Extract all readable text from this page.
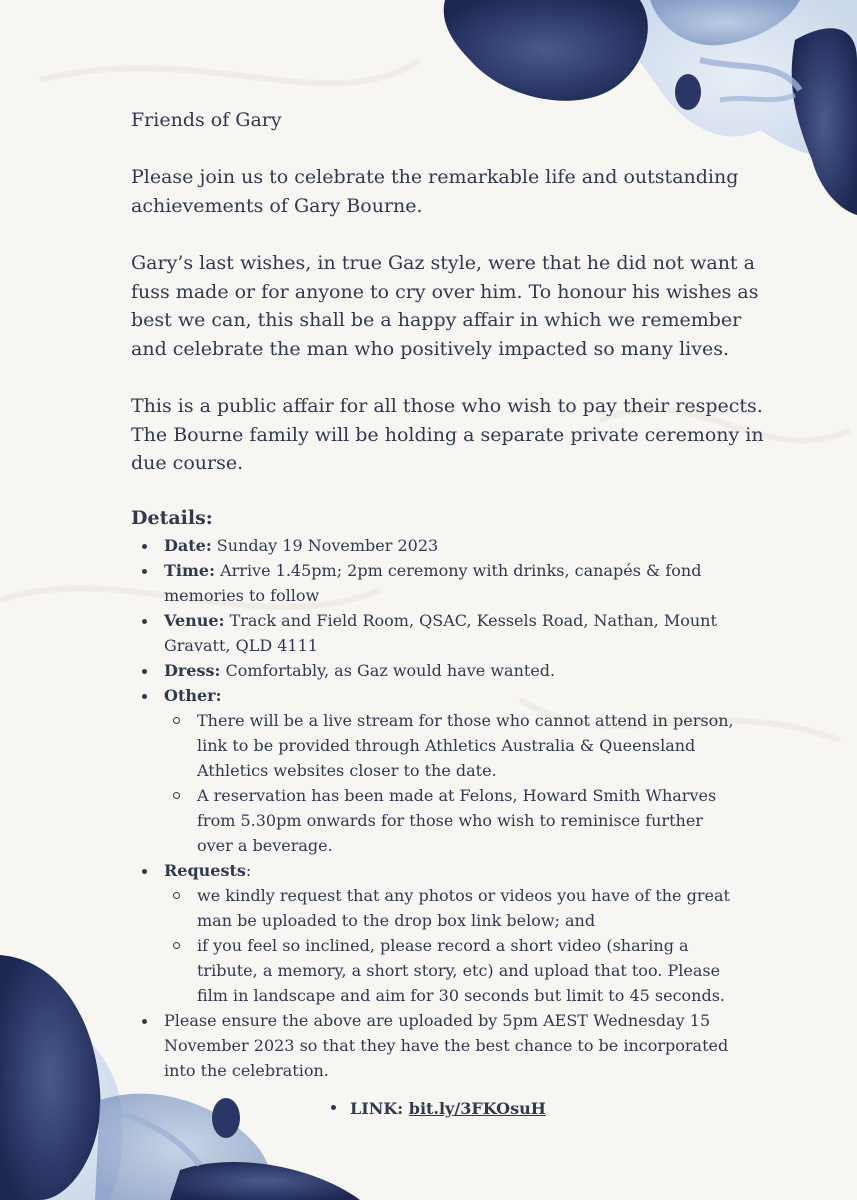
Friends of Gary

Please join us to celebrate the remarkable life and outstanding
achievements of Gary Bourne.

Gary’s last wishes, in true Gaz style, were that he did not want a
fuss made or for anyone to cry over him. To honour his wishes as
best we can, this shall be a happy affair in which we remember
and celebrate the man who positively impacted so many lives.

This is a public affair for all those who wish to pay their respects.
The Bourne family will be holding a separate private ceremony in
due course.

Details:
Date: Sunday 19 November 2023
Time: Arrive 1.45pm; 2pm ceremony with drinks, canapés & fond
memories to follow
Venue: Track and Field Room, QSAC, Kessels Road, Nathan, Mount
Gravatt, QLD 4111
Dress: Comfortably, as Gaz would have wanted.
Other:
There will be a live stream for those who cannot attend in person,
link to be provided through Athletics Australia & Queensland
Athletics websites closer to the date.
A reservation has been made at Felons, Howard Smith Wharves
from 5.30pm onwards for those who wish to reminisce further
over a beverage.
Requests:
we kindly request that any photos or videos you have of the great
man be uploaded to the drop box link below; and
if you feel so inclined, please record a short video (sharing a
tribute, a memory, a short story, etc) and upload that too. Please
film in landscape and aim for 30 seconds but limit to 45 seconds.
Please ensure the above are uploaded by 5pm AEST Wednesday 15
November 2023 so that they have the best chance to be incorporated
into the celebration.
LINK: bit.ly/3FKOsuH
